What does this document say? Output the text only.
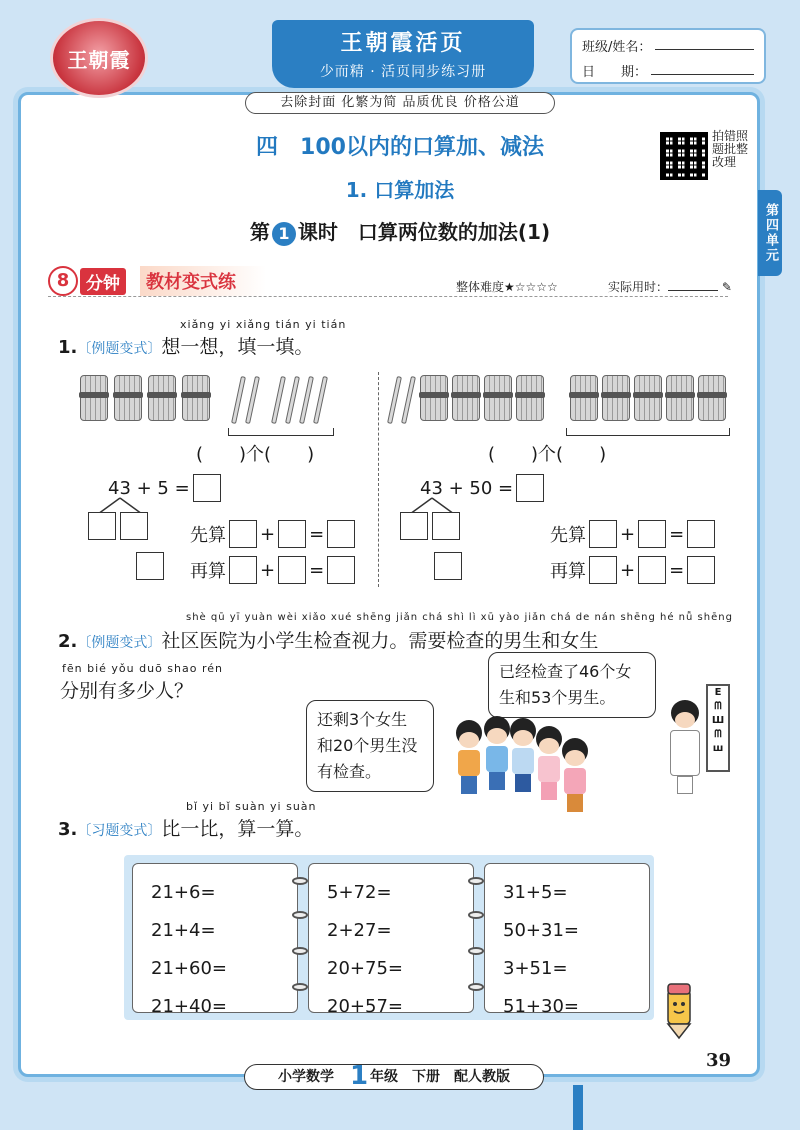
王朝霞
王朝霞活页
少而精 · 活页同步练习册
班级/姓名：
日　　期：
去除封面 化繁为简 品质优良 价格公道
四　100以内的口算加、减法
1. 口算加法
第 1 课时　口算两位数的加法(1)
拍错照题批整改理
第四单元
8 分钟	教材变式练	整体难度★☆☆☆☆	实际用时：	✎
xiǎng yi xiǎng tián yi tián
1.〔例题变式〕想一想，填一填。
(　　)个(　　)
43 + 5 =
先算 + =
再算 + =
(　　)个(　　)
43 + 50 =
先算 + =
再算 + =
shè qū yī yuàn wèi xiǎo xué shēng jiǎn chá shì lì xū yào jiǎn chá de nán shēng hé nǚ shēng
2.〔例题变式〕社区医院为小学生检查视力。需要检查的男生和女生
fēn bié yǒu duō shao rén
分别有多少人？
已经检查了46个女生和53个男生。
还剩3个女生和20个男生没有检查。
E
ᗰ
Ш
ᗰ
ш
bǐ yi bǐ suàn yi suàn
3.〔习题变式〕比一比，算一算。
21+6=
21+4=
21+60=
21+40=
5+72=
2+27=
20+75=
20+57=
31+5=
50+31=
3+51=
51+30=
小学数学　 1 年级　下册　配人教版
39
